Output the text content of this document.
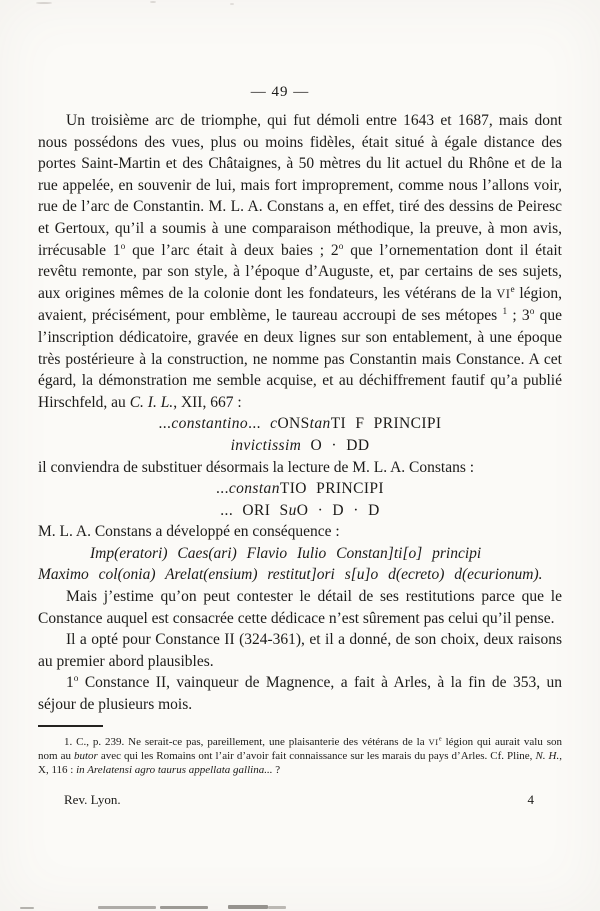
— 49 —

Un troisième arc de triomphe, qui fut démoli entre 1643 et 1687, mais dont nous possédons des vues, plus ou moins fidèles, était situé à égale distance des portes Saint-Martin et des Châtaignes, à 50 mètres du lit actuel du Rhône et de la rue appelée, en souvenir de lui, mais fort improprement, comme nous l’allons voir, rue de l’arc de Constantin. M. L. A. Constans a, en effet, tiré des dessins de Peiresc et Gertoux, qu’il a soumis à une comparaison méthodique, la preuve, à mon avis, irrécusable 1$^o$ que l’arc était à deux baies ; 2$^o$ que l’ornementation dont il était revêtu remonte, par son style, à l’époque d’Auguste, et, par certains de ses sujets, aux origines mêmes de la colonie dont les fondateurs, les vétérans de la VIe légion, avaient, précisément, pour emblème, le taureau accroupi de ses métopes $^1$ ; 3$^o$ que l’inscription dédicatoire, gravée en deux lignes sur son entablement, à une époque très postérieure à la construction, ne nomme pas Constantin mais Constance. A cet égard, la démonstration me semble acquise, et au déchiffrement fautif qu’a publié Hirschfeld, au C. I. L., XII, 667 :

...constantino... cONStanTI F PRINCIPI
invictissim O · DD

il conviendra de substituer désormais la lecture de M. L. A. Constans :

...constanTIO PRINCIPI
... ORI SuO · D · D

M. L. A. Constans a développé en conséquence :

Imp(eratori) Caes(ari) Flavio Iulio Constan]ti[o] principi
Maximo col(onia) Arelat(ensium) restitut]ori s[u]o d(ecreto) d(ecurionum).

Mais j’estime qu’on peut contester le détail de ses restitutions parce que le Constance auquel est consacrée cette dédicace n’est sûrement pas celui qu’il pense.

Il a opté pour Constance II (324-361), et il a donné, de son choix, deux raisons au premier abord plausibles.

1$^o$ Constance II, vainqueur de Magnence, a fait à Arles, à la fin de 353, un séjour de plusieurs mois.

1. C., p. 239. Ne serait-ce pas, pareillement, une plaisanterie des vétérans de la VIe légion qui aurait valu son nom au butor avec qui les Romains ont l’air d’avoir fait connaissance sur les marais du pays d’Arles. Cf. Pline, N. H., X, 116 : in Arelatensi agro taurus appellata gallina... ?

Rev. Lyon.	4
